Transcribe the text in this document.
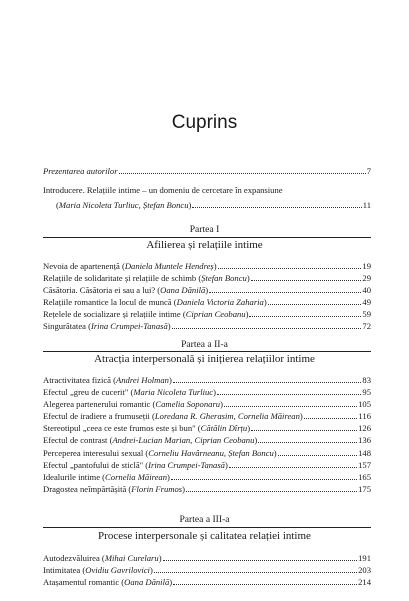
Cuprins
Prezentarea autorilor	7
Introducere. Relațiile intime – un domeniu de cercetare în expansiune
(Maria Nicoleta Turliuc, Ștefan Boncu)	11
Partea I
Afilierea și relațiile intime
Nevoia de apartenență (Daniela Muntele Hendreș)	19
Relațiile de solidaritate și relațiile de schimb (Ștefan Boncu)	29
Căsătoria. Căsătoria ei sau a lui? (Oana Dănilă)	40
Relațiile romantice la locul de muncă (Daniela Victoria Zaharia)	49
Rețelele de socializare și relațiile intime (Ciprian Ceobanu)	59
Singurătatea (Irina Crumpei-Tanasă)	72
Partea a II-a
Atracția interpersonală și inițierea relațiilor intime
Atractivitatea fizică (Andrei Holman)	83
Efectul „greu de cucerit" (Maria Nicoleta Turliuc)	95
Alegerea partenerului romantic (Camelia Soponaru)	105
Efectul de iradiere a frumuseții (Loredana R. Gherasim, Cornelia Măirean)	116
Stereotipul „ceea ce este frumos este și bun" (Cătălin Dîrțu)	126
Efectul de contrast (Andrei-Lucian Marian, Ciprian Ceobanu)	136
Perceperea interesului sexual (Corneliu Havârneanu, Ștefan Boncu)	148
Efectul „pantofului de sticlă" (Irina Crumpei-Tanasă)	157
Idealurile intime (Cornelia Măirean)	165
Dragostea neîmpărtășită (Florin Frumos)	175
Partea a III-a
Procese interpersonale și calitatea relației intime
Autodezvăluirea (Mihai Curelaru)	191
Intimitatea (Ovidiu Gavrilovici)	203
Atașamentul romantic (Oana Dănilă)	214
